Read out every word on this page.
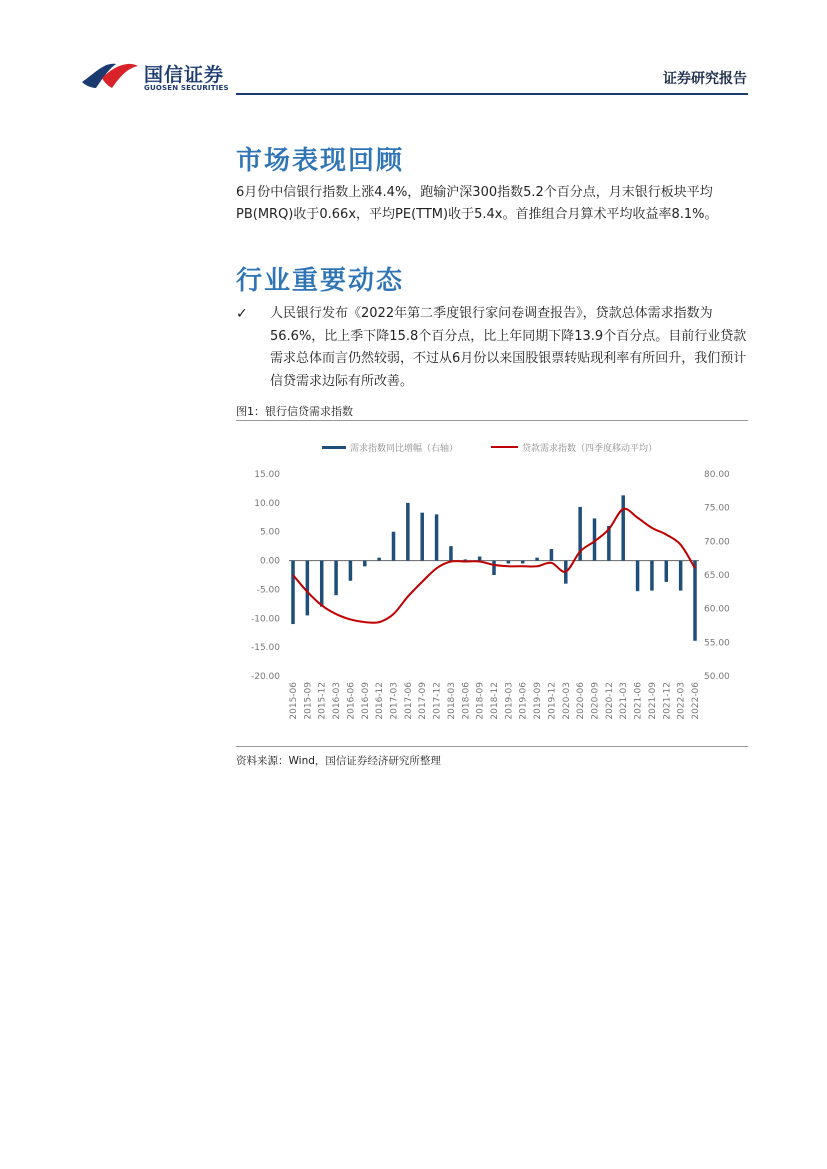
国信证券
GUOSEN SECURITIES
证券研究报告
市场表现回顾
6月份中信银行指数上涨4.4%，跑输沪深300指数5.2个百分点，月末银行板块平均PB(MRQ)收于0.66x，平均PE(TTM)收于5.4x。首推组合月算术平均收益率8.1%。
行业重要动态
✓ 人民银行发布《2022年第二季度银行家问卷调查报告》，贷款总体需求指数为56.6%，比上季下降15.8个百分点，比上年同期下降13.9个百分点。目前行业贷款需求总体而言仍然较弱，不过从6月份以来国股银票转贴现利率有所回升，我们预计信贷需求边际有所改善。
图1：银行信贷需求指数
需求指数同比增幅（右轴）	贷款需求指数（四季度移动平均）
15.00
10.00
5.00
0.00
-5.00
-10.00
-15.00
-20.00
80.00
75.00
70.00
65.00
60.00
55.00
50.00
2015-06 2015-09 2015-12 2016-03 2016-06 2016-09 2016-12 2017-03 2017-06 2017-09 2017-12 2018-03 2018-06 2018-09 2018-12 2019-03 2019-06 2019-09 2019-12 2020-03 2020-06 2020-09 2020-12 2021-03 2021-06 2021-09 2021-12 2022-03 2022-06
资料来源：Wind，国信证券经济研究所整理
